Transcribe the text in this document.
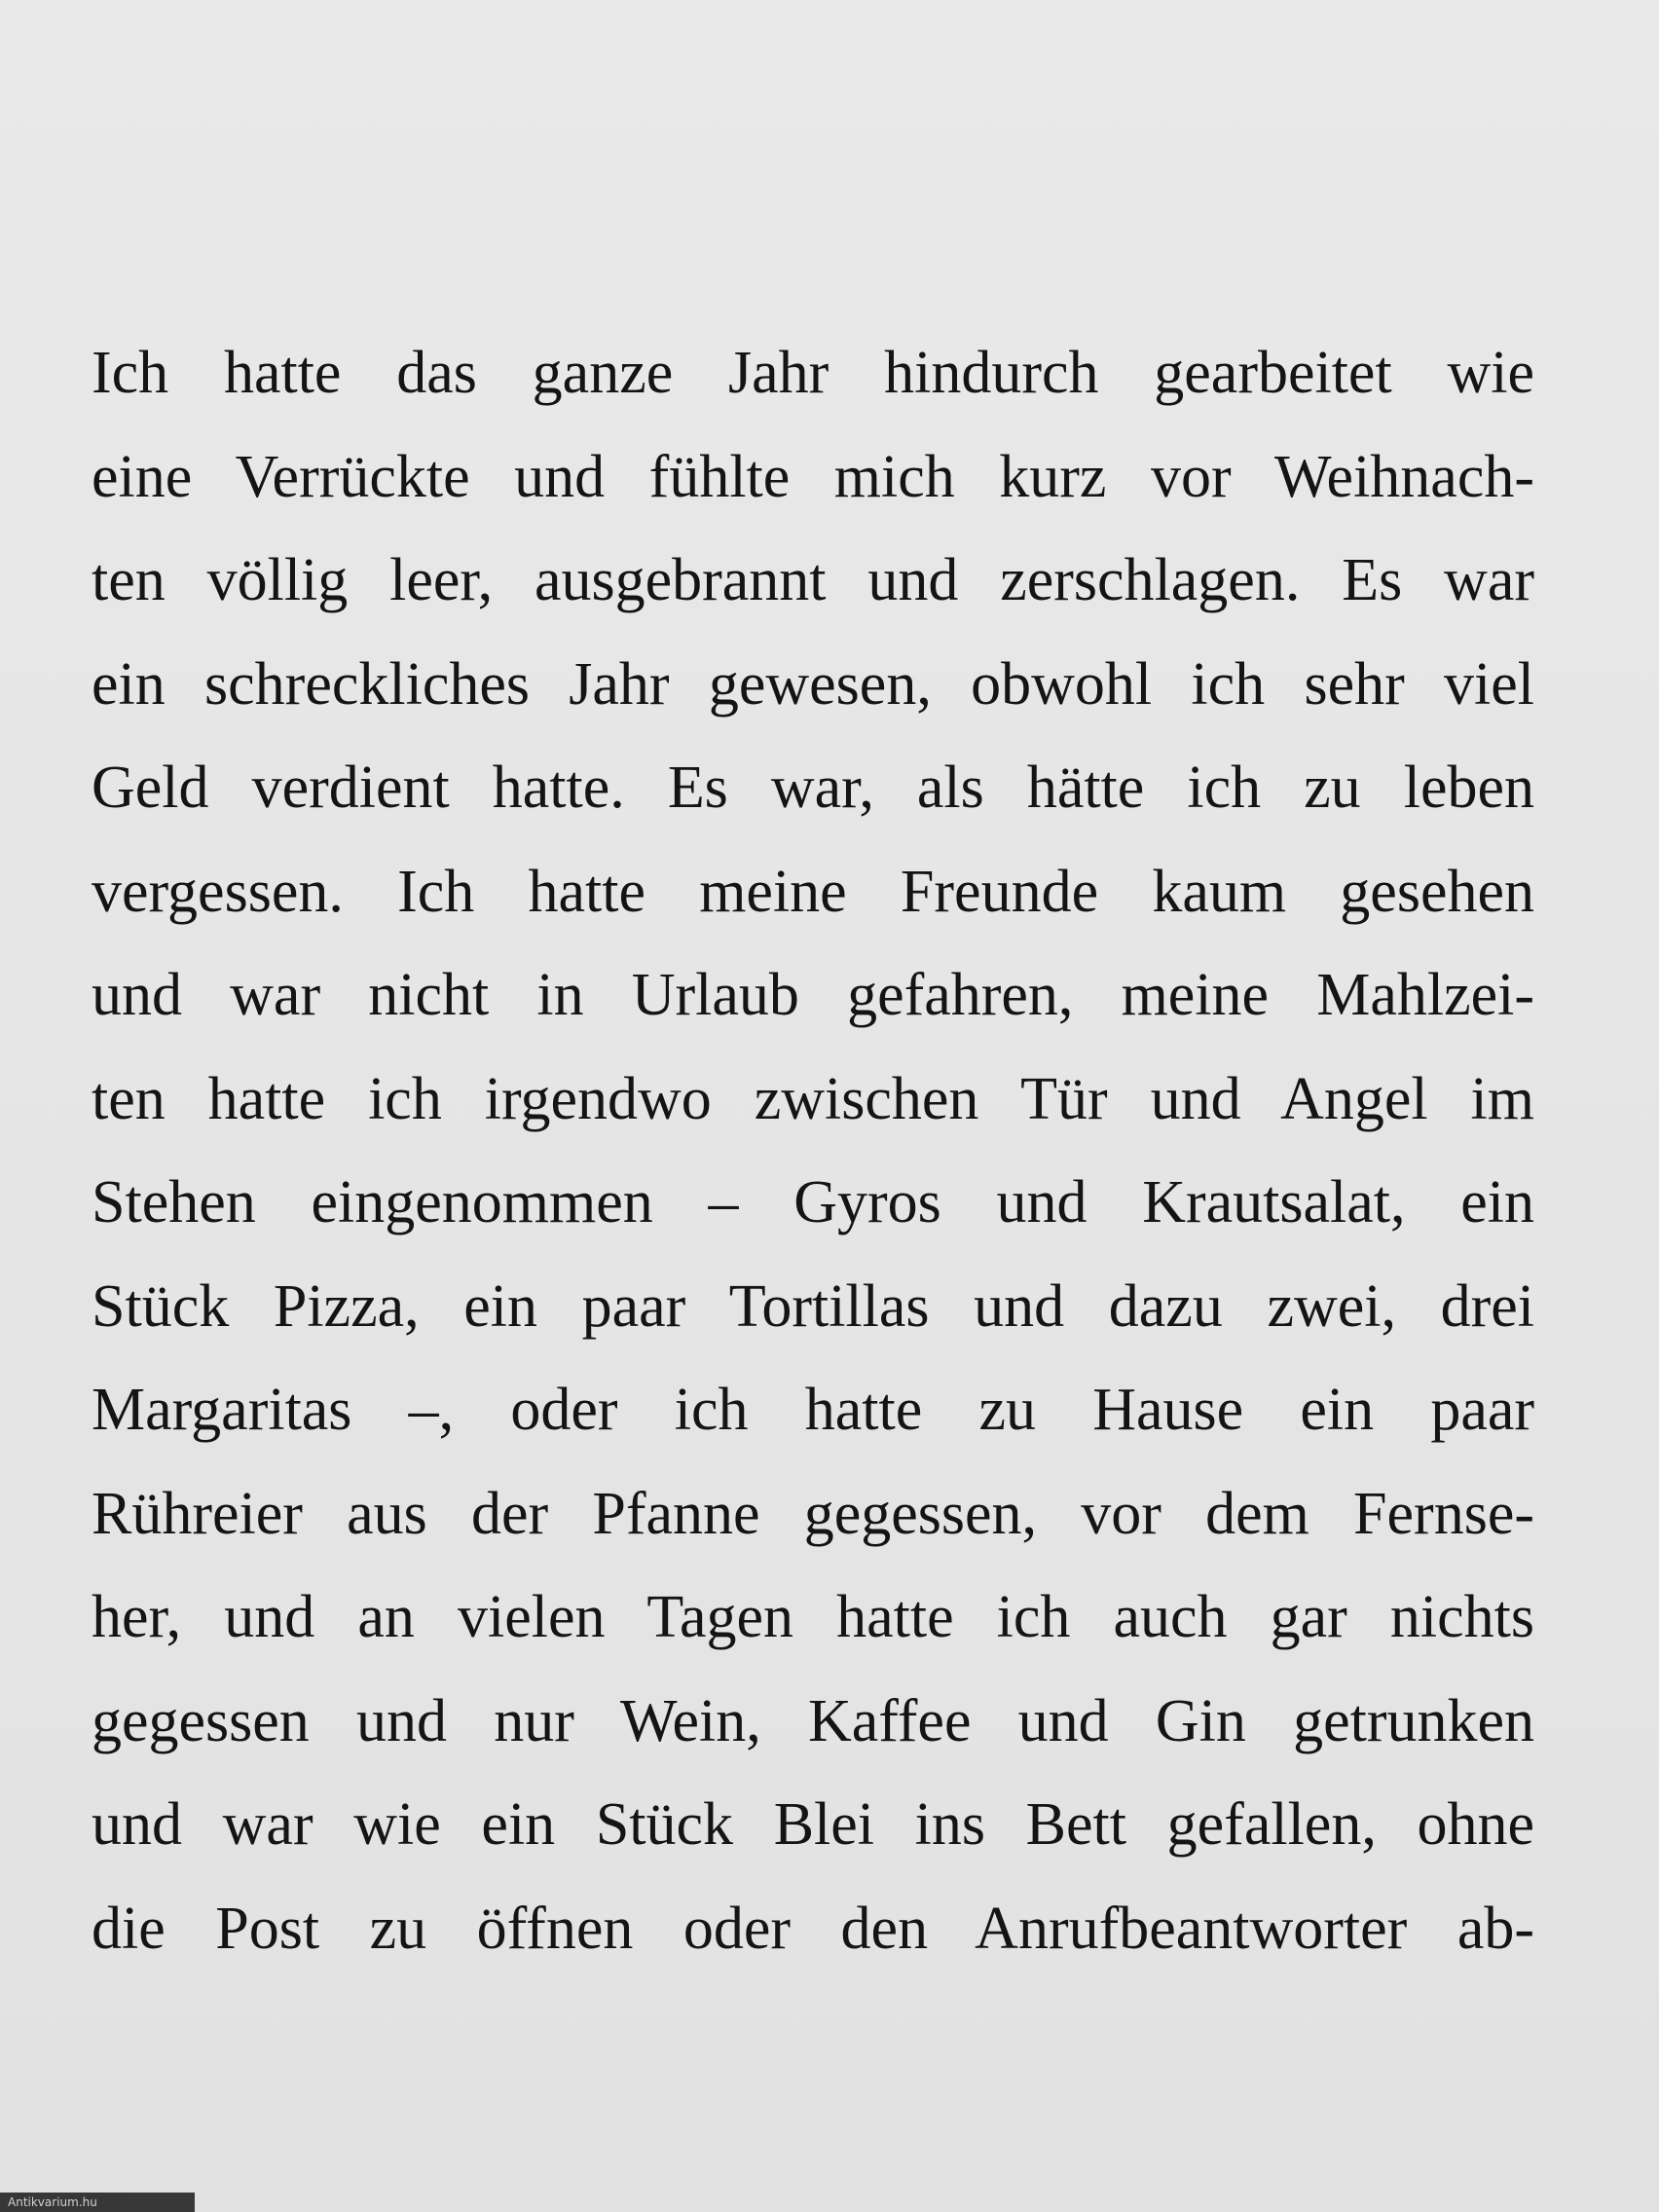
Ich hatte das ganze Jahr hindurch gearbeitet wie
eine Verrückte und fühlte mich kurz vor Weihnach-
ten völlig leer, ausgebrannt und zerschlagen. Es war
ein schreckliches Jahr gewesen, obwohl ich sehr viel
Geld verdient hatte. Es war, als hätte ich zu leben
vergessen. Ich hatte meine Freunde kaum gesehen
und war nicht in Urlaub gefahren, meine Mahlzei-
ten hatte ich irgendwo zwischen Tür und Angel im
Stehen eingenommen – Gyros und Krautsalat, ein
Stück Pizza, ein paar Tortillas und dazu zwei, drei
Margaritas –, oder ich hatte zu Hause ein paar
Rühreier aus der Pfanne gegessen, vor dem Fernse-
her, und an vielen Tagen hatte ich auch gar nichts
gegessen und nur Wein, Kaffee und Gin getrunken
und war wie ein Stück Blei ins Bett gefallen, ohne
die Post zu öffnen oder den Anrufbeantworter ab-
Antikvarium.hu
